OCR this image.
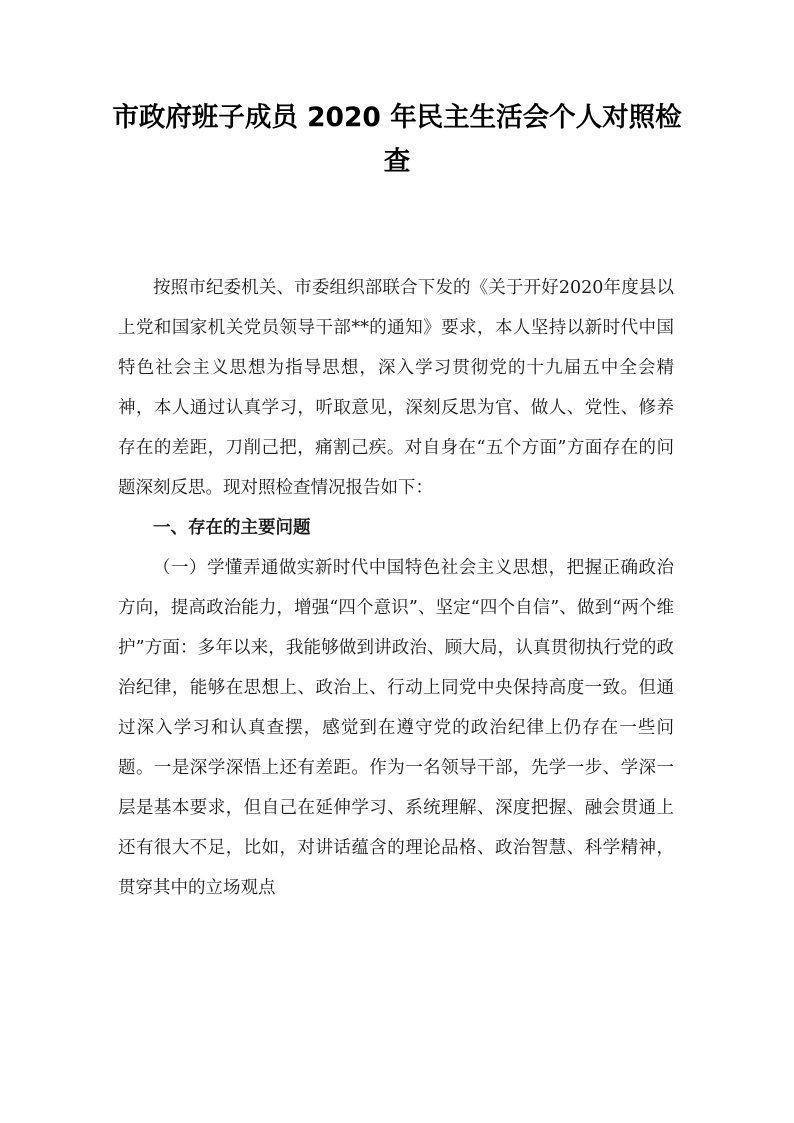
市政府班子成员 2020 年民主生活会个人对照检查

按照市纪委机关、市委组织部联合下发的《关于开好2020年度县以上党和国家机关党员领导干部**的通知》要求，本人坚持以新时代中国特色社会主义思想为指导思想，深入学习贯彻党的十九届五中全会精神，本人通过认真学习，听取意见，深刻反思为官、做人、党性、修养存在的差距，刀削己把，痛割己疾。对自身在“五个方面”方面存在的问题深刻反思。现对照检查情况报告如下：

一、存在的主要问题

（一）学懂弄通做实新时代中国特色社会主义思想，把握正确政治方向，提高政治能力，增强“四个意识”、坚定“四个自信”、做到“两个维护”方面：多年以来，我能够做到讲政治、顾大局，认真贯彻执行党的政治纪律，能够在思想上、政治上、行动上同党中央保持高度一致。但通过深入学习和认真查摆，感觉到在遵守党的政治纪律上仍存在一些问题。一是深学深悟上还有差距。作为一名领导干部，先学一步、学深一层是基本要求，但自己在延伸学习、系统理解、深度把握、融会贯通上还有很大不足，比如，对讲话蕴含的理论品格、政治智慧、科学精神，贯穿其中的立场观点
